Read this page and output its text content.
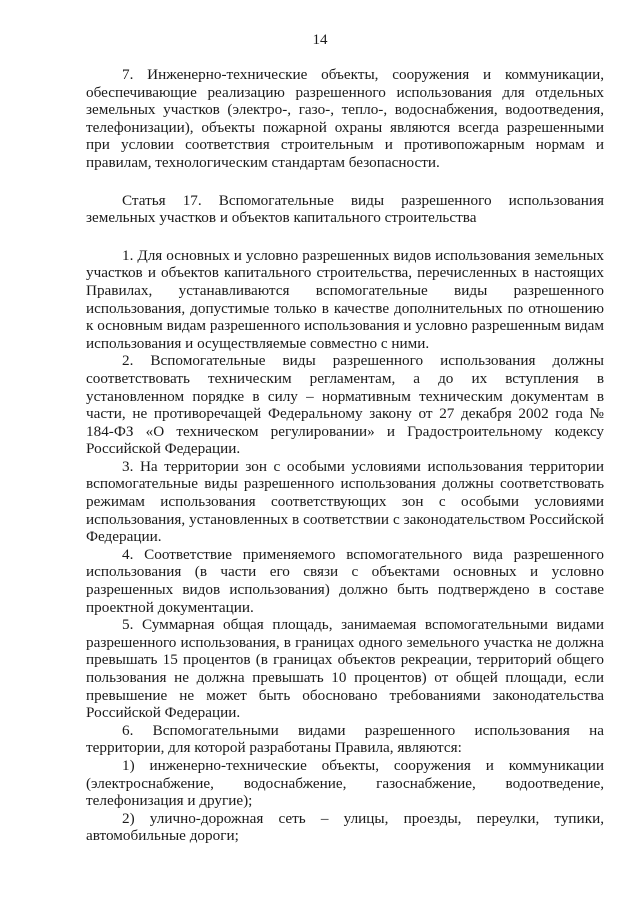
14

7. Инженерно-технические объекты, сооружения и коммуникации, обеспечивающие реализацию разрешенного использования для отдельных земельных участков (электро-, газо-, тепло-, водоснабжения, водоотведения, телефонизации), объекты пожарной охраны являются всегда разрешенными при условии соответствия строительным и противопожарным нормам и правилам, технологическим стандартам безопасности.

Статья 17. Вспомогательные виды разрешенного использования земельных участков и объектов капитального строительства

1. Для основных и условно разрешенных видов использования земельных участков и объектов капитального строительства, перечисленных в настоящих Правилах, устанавливаются вспомогательные виды разрешенного использования, допустимые только в качестве дополнительных по отношению к основным видам разрешенного использования и условно разрешенным видам использования и осуществляемые совместно с ними.

2. Вспомогательные виды разрешенного использования должны соответствовать техническим регламентам, а до их вступления в установленном порядке в силу – нормативным техническим документам в части, не противоречащей Федеральному закону от 27 декабря 2002 года № 184-ФЗ «О техническом регулировании» и Градостроительному кодексу Российской Федерации.

3. На территории зон с особыми условиями использования территории вспомогательные виды разрешенного использования должны соответствовать режимам использования соответствующих зон с особыми условиями использования, установленных в соответствии с законодательством Российской Федерации.

4. Соответствие применяемого вспомогательного вида разрешенного использования (в части его связи с объектами основных и условно разрешенных видов использования) должно быть подтверждено в составе проектной документации.

5. Суммарная общая площадь, занимаемая вспомогательными видами разрешенного использования, в границах одного земельного участка не должна превышать 15 процентов (в границах объектов рекреации, территорий общего пользования не должна превышать 10 процентов) от общей площади, если превышение не может быть обосновано требованиями законодательства Российской Федерации.

6. Вспомогательными видами разрешенного использования на территории, для которой разработаны Правила, являются:

1) инженерно-технические объекты, сооружения и коммуникации (электроснабжение, водоснабжение, газоснабжение, водоотведение, телефонизация и другие);

2) улично-дорожная сеть – улицы, проезды, переулки, тупики, автомобильные дороги;
